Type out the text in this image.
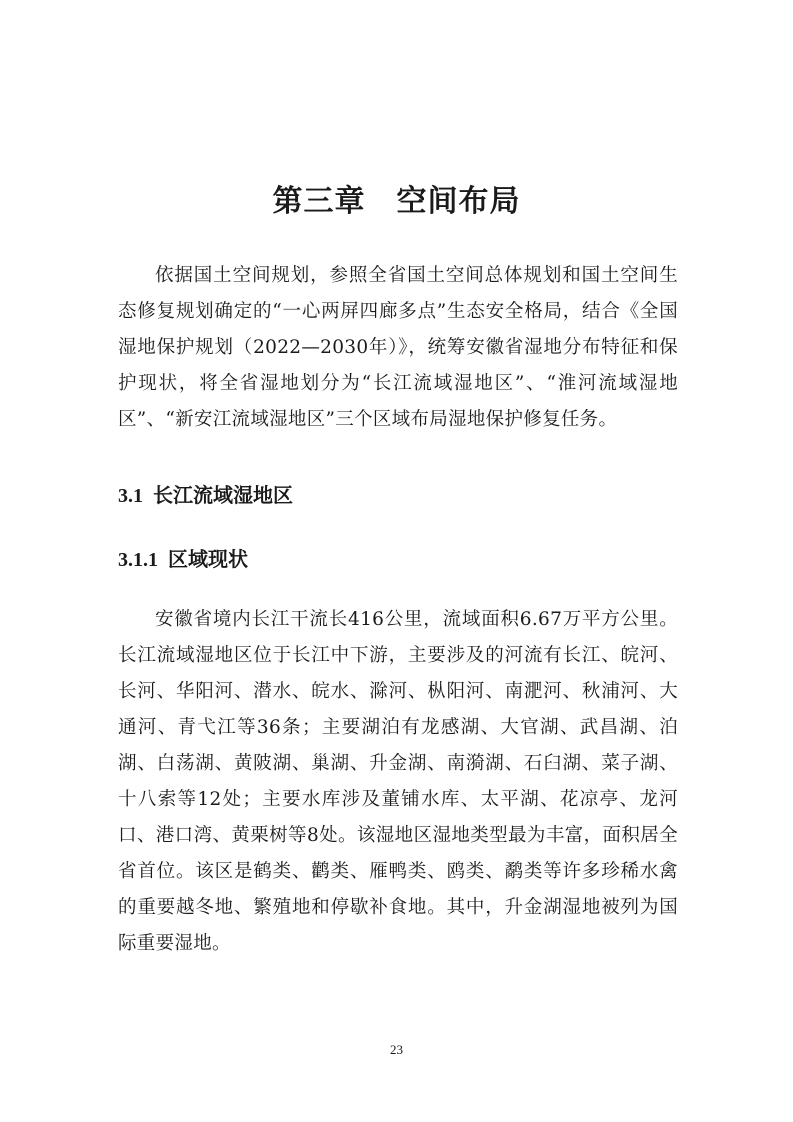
第三章　空间布局

依据国土空间规划，参照全省国土空间总体规划和国土空间生态修复规划确定的“一心两屏四廊多点”生态安全格局，结合《全国湿地保护规划（2022—2030年）》，统筹安徽省湿地分布特征和保护现状，将全省湿地划分为“长江流域湿地区”、“淮河流域湿地区”、“新安江流域湿地区”三个区域布局湿地保护修复任务。

3.1 长江流域湿地区
3.1.1 区域现状

安徽省境内长江干流长416公里，流域面积6.67万平方公里。长江流域湿地区位于长江中下游，主要涉及的河流有长江、皖河、长河、华阳河、潜水、皖水、滁河、枞阳河、南淝河、秋浦河、大通河、青弋江等36条；主要湖泊有龙感湖、大官湖、武昌湖、泊湖、白荡湖、黄陂湖、巢湖、升金湖、南漪湖、石臼湖、菜子湖、十八索等12处；主要水库涉及董铺水库、太平湖、花凉亭、龙河口、港口湾、黄栗树等8处。该湿地区湿地类型最为丰富，面积居全省首位。该区是鹤类、鹳类、雁鸭类、鸥类、鹬类等许多珍稀水禽的重要越冬地、繁殖地和停歇补食地。其中，升金湖湿地被列为国际重要湿地。

23
